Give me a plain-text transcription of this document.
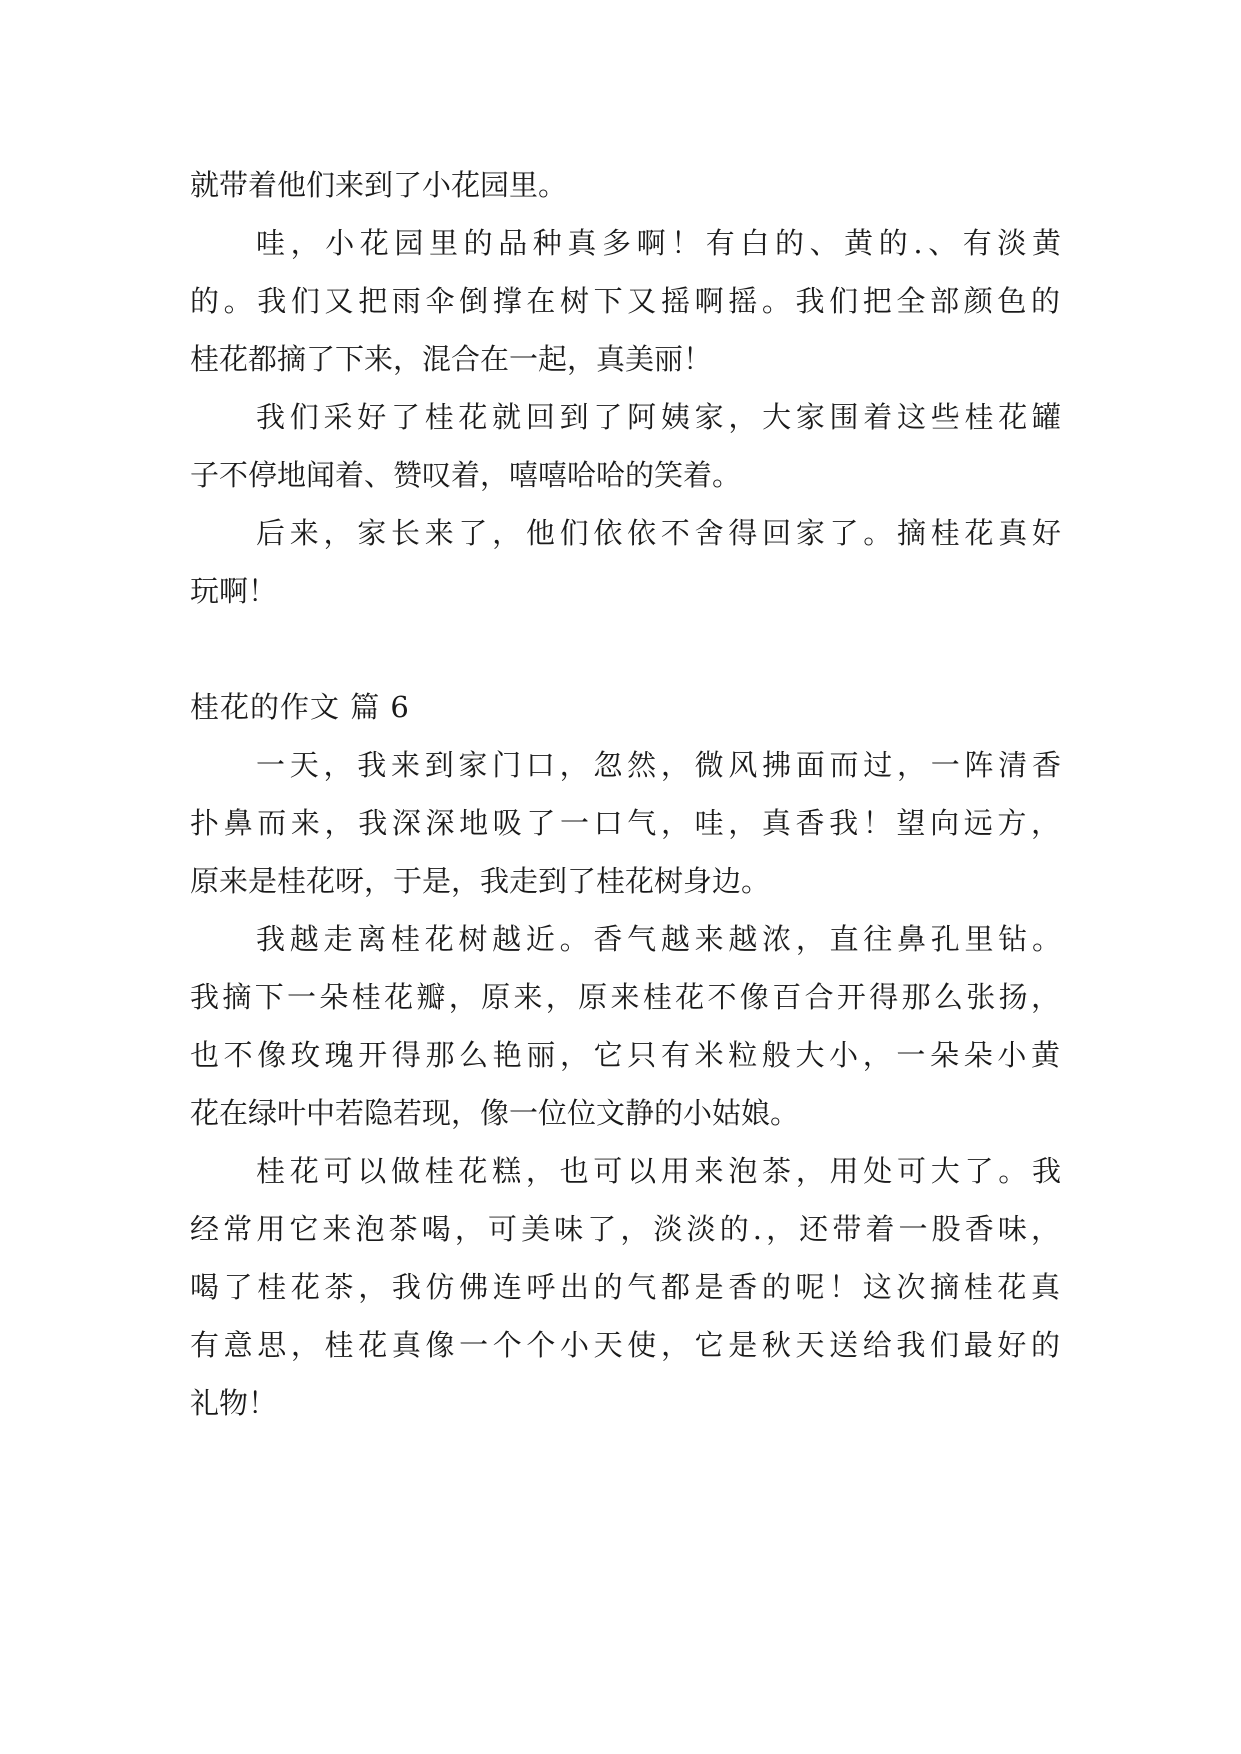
就带着他们来到了小花园里。
哇，小花园里的品种真多啊！有白的、黄的.、有淡黄
的。我们又把雨伞倒撑在树下又摇啊摇。我们把全部颜色的
桂花都摘了下来，混合在一起，真美丽！
我们采好了桂花就回到了阿姨家，大家围着这些桂花罐
子不停地闻着、赞叹着，嘻嘻哈哈的笑着。
后来，家长来了，他们依依不舍得回家了。摘桂花真好
玩啊！
桂花的作文 篇 6
一天，我来到家门口，忽然，微风拂面而过，一阵清香
扑鼻而来，我深深地吸了一口气，哇，真香我！望向远方，
原来是桂花呀，于是，我走到了桂花树身边。
我越走离桂花树越近。香气越来越浓，直往鼻孔里钻。
我摘下一朵桂花瓣，原来，原来桂花不像百合开得那么张扬，
也不像玫瑰开得那么艳丽，它只有米粒般大小，一朵朵小黄
花在绿叶中若隐若现，像一位位文静的小姑娘。
桂花可以做桂花糕，也可以用来泡茶，用处可大了。我
经常用它来泡茶喝，可美味了，淡淡的.，还带着一股香味，
喝了桂花茶，我仿佛连呼出的气都是香的呢！这次摘桂花真
有意思，桂花真像一个个小天使，它是秋天送给我们最好的
礼物！
